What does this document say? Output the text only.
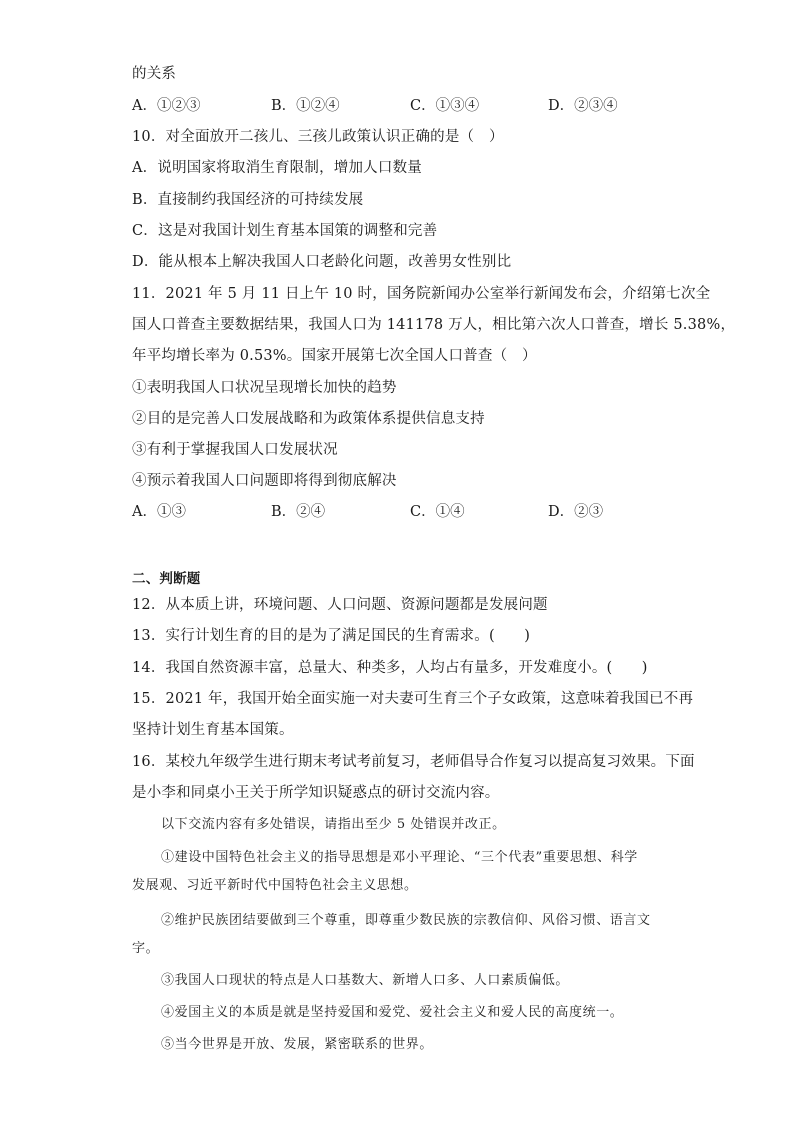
的关系
A．①②③	B．①②④	C．①③④	D．②③④
10．对全面放开二孩儿、三孩儿政策认识正确的是（　）
A．说明国家将取消生育限制，增加人口数量
B．直接制约我国经济的可持续发展
C．这是对我国计划生育基本国策的调整和完善
D．能从根本上解决我国人口老龄化问题，改善男女性别比
11．2021 年 5 月 11 日上午 10 时，国务院新闻办公室举行新闻发布会，介绍第七次全
国人口普查主要数据结果，我国人口为 141178 万人，相比第六次人口普查，增长 5.38%，
年平均增长率为 0.53%。国家开展第七次全国人口普查（　）
①表明我国人口状况呈现增长加快的趋势
②目的是完善人口发展战略和为政策体系提供信息支持
③有利于掌握我国人口发展状况
④预示着我国人口问题即将得到彻底解决
A．①③	B．②④	C．①④	D．②③
二、判断题
12．从本质上讲，环境问题、人口问题、资源问题都是发展问题
13．实行计划生育的目的是为了满足国民的生育需求。(　　)
14．我国自然资源丰富，总量大、种类多，人均占有量多，开发难度小。(　　)
15．2021 年，我国开始全面实施一对夫妻可生育三个子女政策，这意味着我国已不再
坚持计划生育基本国策。
16．某校九年级学生进行期末考试考前复习，老师倡导合作复习以提高复习效果。下面
是小李和同桌小王关于所学知识疑惑点的研讨交流内容。
以下交流内容有多处错误，请指出至少 5 处错误并改正。
①建设中国特色社会主义的指导思想是邓小平理论、“三个代表”重要思想、科学
发展观、习近平新时代中国特色社会主义思想。
②维护民族团结要做到三个尊重，即尊重少数民族的宗教信仰、风俗习惯、语言文
字。
③我国人口现状的特点是人口基数大、新增人口多、人口素质偏低。
④爱国主义的本质是就是坚持爱国和爱党、爱社会主义和爱人民的高度统一。
⑤当今世界是开放、发展，紧密联系的世界。
